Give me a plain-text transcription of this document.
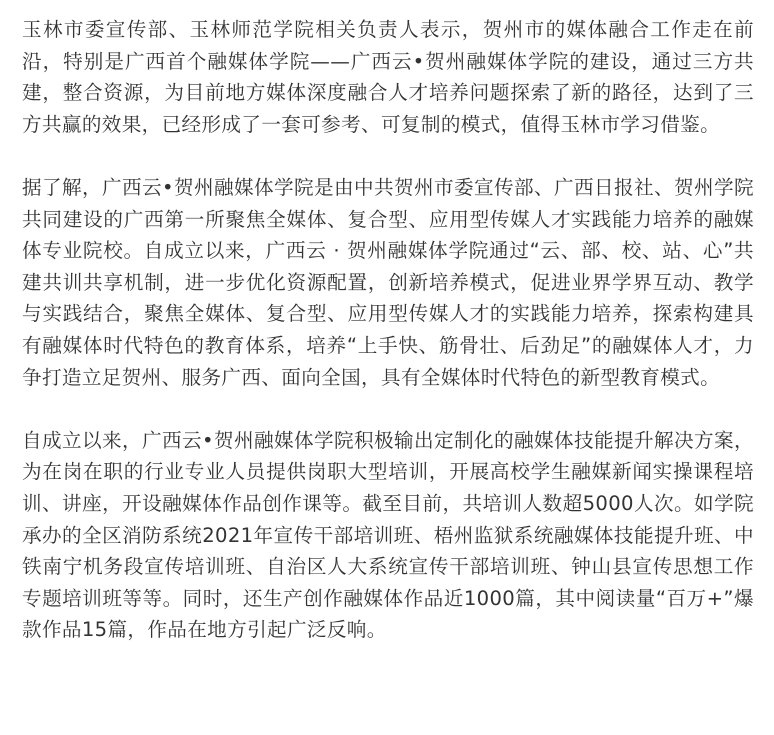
玉林市委宣传部、玉林师范学院相关负责人表示，贺州市的媒体融合工作走在前沿，特别是广西首个融媒体学院——广西云•贺州融媒体学院的建设，通过三方共建，整合资源，为目前地方媒体深度融合人才培养问题探索了新的路径，达到了三方共赢的效果，已经形成了一套可参考、可复制的模式，值得玉林市学习借鉴。

据了解，广西云•贺州融媒体学院是由中共贺州市委宣传部、广西日报社、贺州学院共同建设的广西第一所聚焦全媒体、复合型、应用型传媒人才实践能力培养的融媒体专业院校。自成立以来，广西云 · 贺州融媒体学院通过“云、部、校、站、心”共建共训共享机制，进一步优化资源配置，创新培养模式，促进业界学界互动、教学与实践结合，聚焦全媒体、复合型、应用型传媒人才的实践能力培养，探索构建具有融媒体时代特色的教育体系，培养“上手快、筋骨壮、后劲足”的融媒体人才，力争打造立足贺州、服务广西、面向全国，具有全媒体时代特色的新型教育模式。

自成立以来，广西云•贺州融媒体学院积极输出定制化的融媒体技能提升解决方案，为在岗在职的行业专业人员提供岗职大型培训，开展高校学生融媒新闻实操课程培训、讲座，开设融媒体作品创作课等。截至目前，共培训人数超5000人次。如学院承办的全区消防系统2021年宣传干部培训班、梧州监狱系统融媒体技能提升班、中铁南宁机务段宣传培训班、自治区人大系统宣传干部培训班、钟山县宣传思想工作专题培训班等等。同时，还生产创作融媒体作品近1000篇，其中阅读量“百万+”爆款作品15篇，作品在地方引起广泛反响。
